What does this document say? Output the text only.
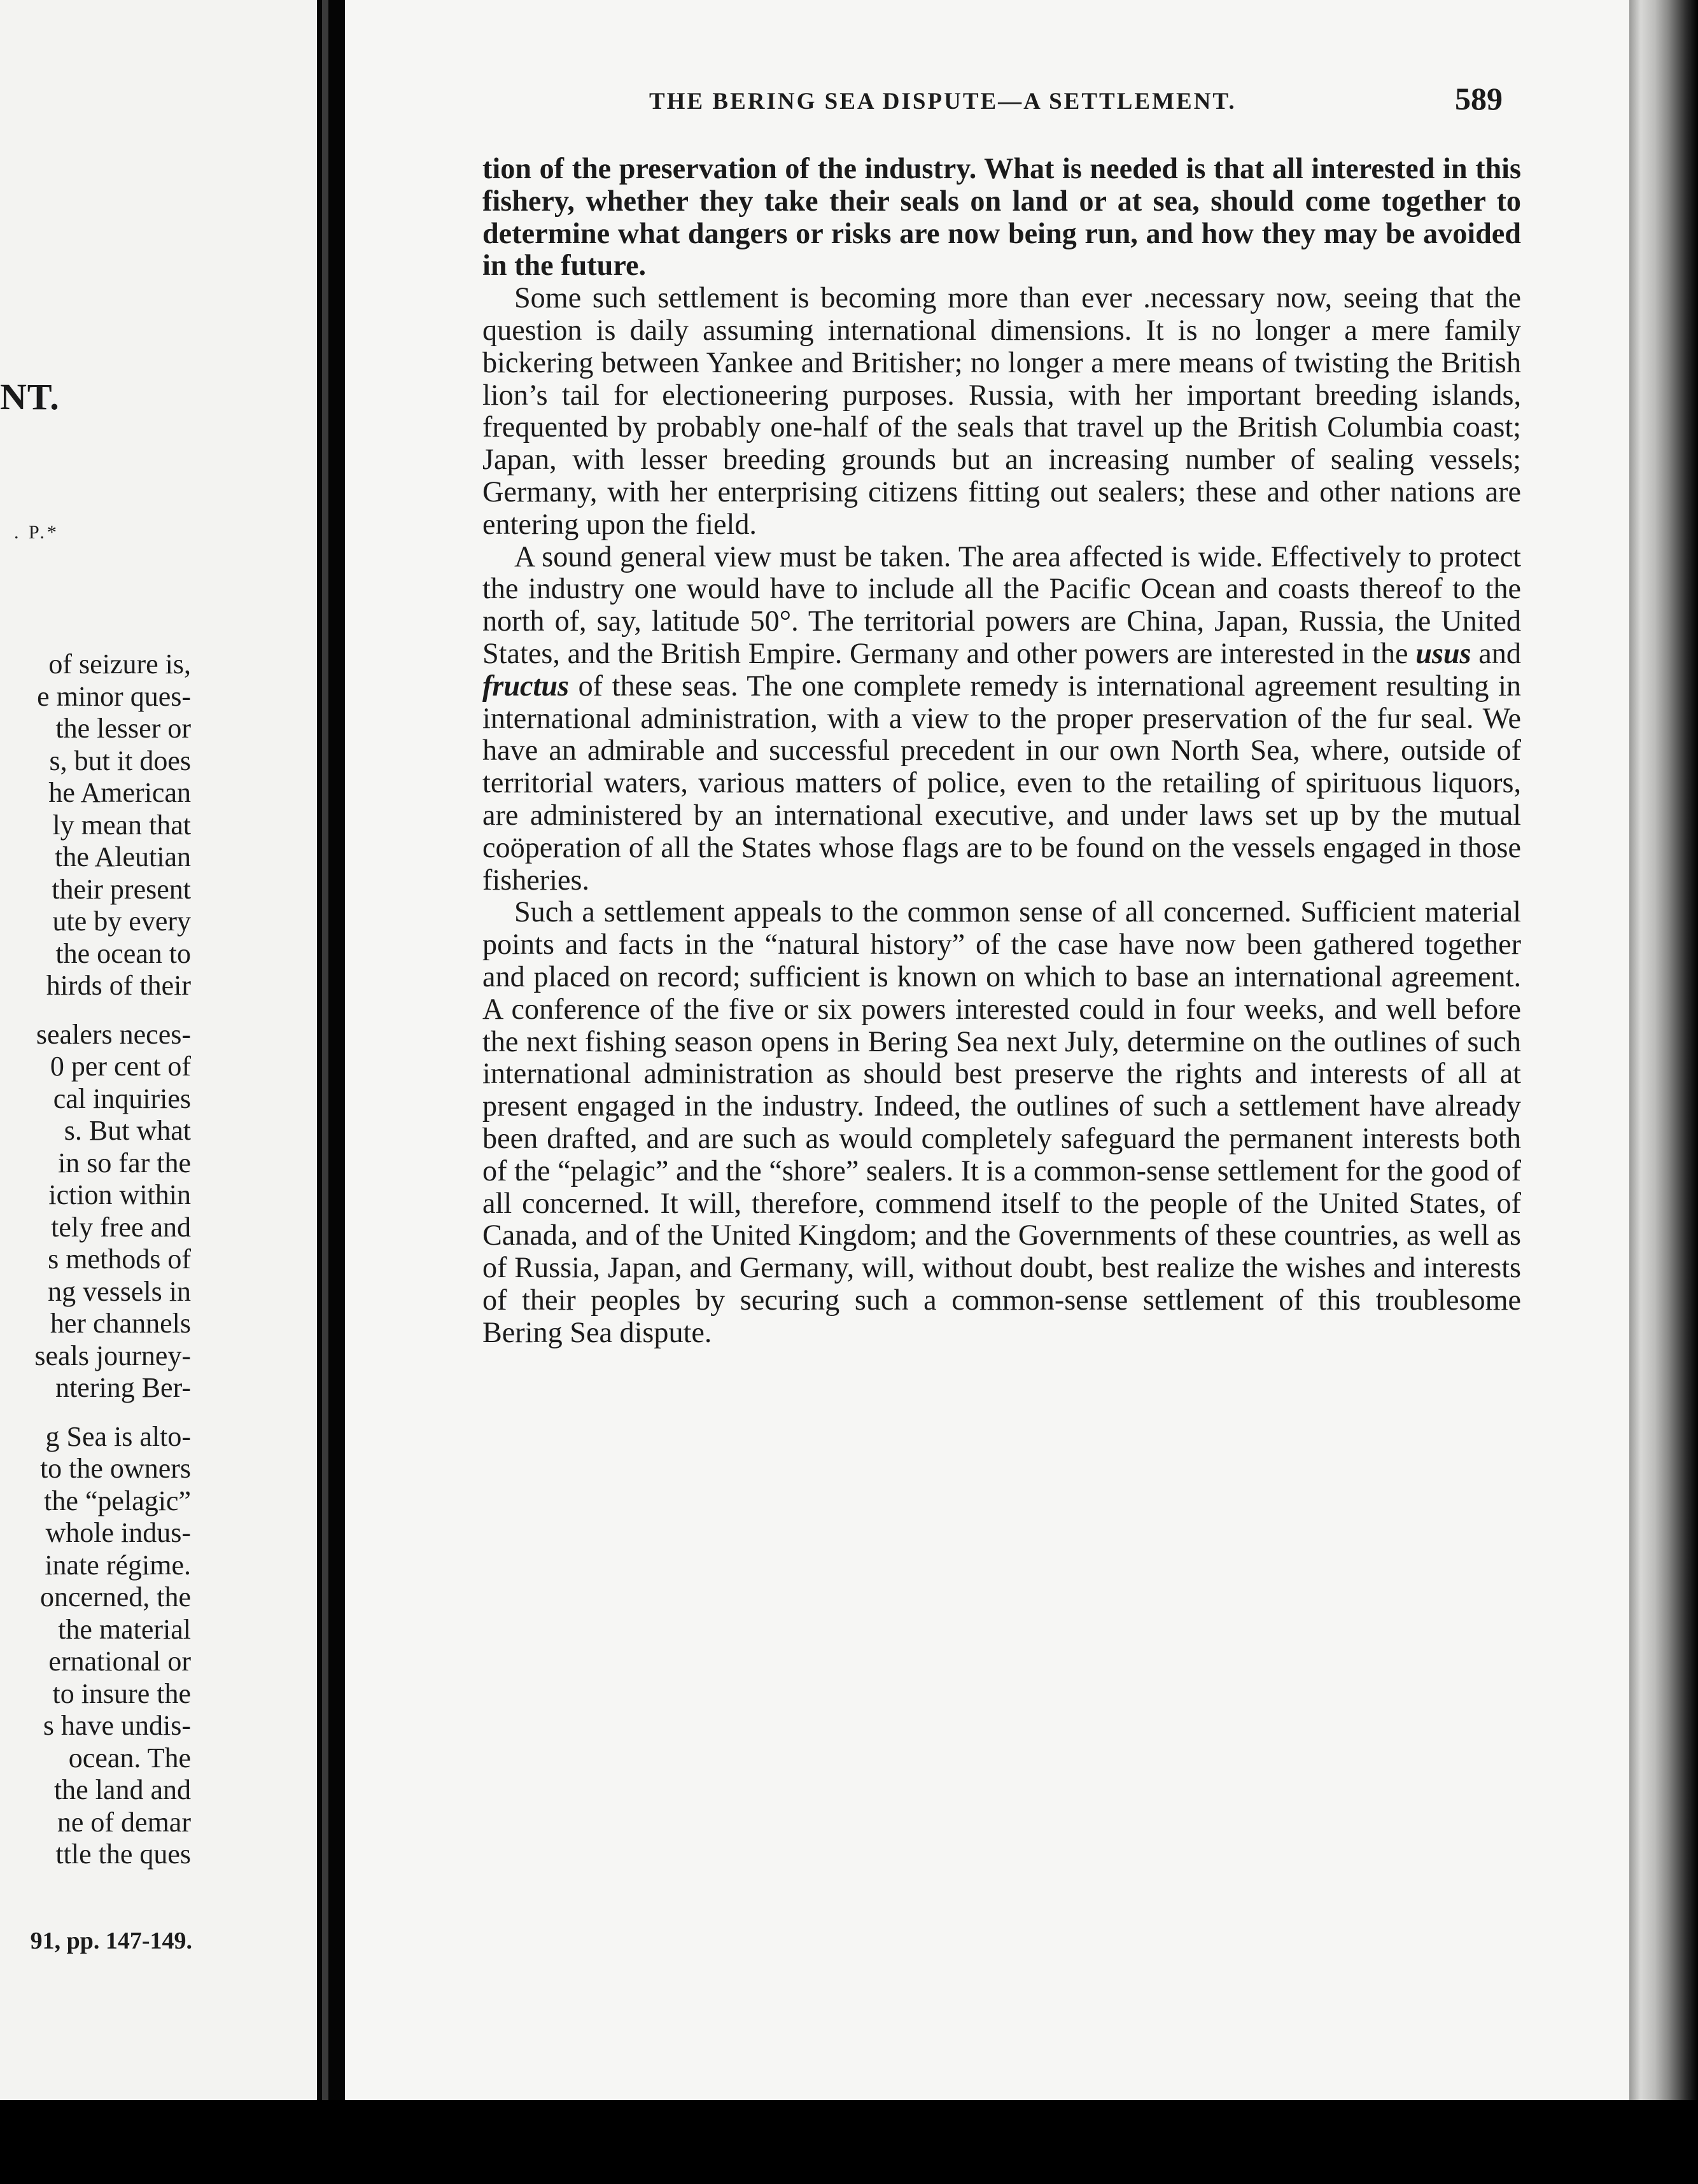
NT.
. P.*
of seizure is,
e minor ques-
the lesser or
s, but it does
he American
ly mean that
the Aleutian
their present
ute by every
the ocean to
hirds of their
sealers neces-
0 per cent of
cal inquiries
s. But what
in so far the
iction within
tely free and
s methods of
ng vessels in
her channels
seals journey-
ntering Ber-
g Sea is alto-
to the owners
the “pelagic”
whole indus-
inate régime.
oncerned, the
the material
ernational or
to insure the
s have undis-
ocean. The
the land and
ne of demar
ttle the ques
91, pp. 147-149.
THE BERING SEA DISPUTE—A SETTLEMENT.	589

tion of the preservation of the industry. What is needed is that all interested in this fishery, whether they take their seals on land or at sea, should come together to determine what dangers or risks are now being run, and how they may be avoided in the future.

Some such settlement is becoming more than ever .necessary now, seeing that the question is daily assuming international dimensions. It is no longer a mere family bickering between Yankee and Britisher; no longer a mere means of twisting the British lion’s tail for electioneering purposes. Russia, with her important breeding islands, frequented by probably one-half of the seals that travel up the British Columbia coast; Japan, with lesser breeding grounds but an increasing number of sealing vessels; Germany, with her enterprising citizens fitting out sealers; these and other nations are entering upon the field.

A sound general view must be taken. The area affected is wide. Effectively to protect the industry one would have to include all the Pacific Ocean and coasts thereof to the north of, say, latitude 50°. The territorial powers are China, Japan, Russia, the United States, and the British Empire. Germany and other powers are interested in the usus and fructus of these seas. The one complete remedy is international agreement resulting in international administration, with a view to the proper preservation of the fur seal. We have an admirable and successful precedent in our own North Sea, where, outside of territorial waters, various matters of police, even to the retailing of spirituous liquors, are administered by an international executive, and under laws set up by the mutual coöperation of all the States whose flags are to be found on the vessels engaged in those fisheries.

Such a settlement appeals to the common sense of all concerned. Sufficient material points and facts in the “natural history” of the case have now been gathered together and placed on record; sufficient is known on which to base an international agreement. A conference of the five or six powers interested could in four weeks, and well before the next fishing season opens in Bering Sea next July, determine on the outlines of such international administration as should best preserve the rights and interests of all at present engaged in the industry. Indeed, the outlines of such a settlement have already been drafted, and are such as would completely safeguard the permanent interests both of the “pelagic” and the “shore” sealers. It is a common-sense settlement for the good of all concerned. It will, therefore, commend itself to the people of the United States, of Canada, and of the United Kingdom; and the Governments of these countries, as well as of Russia, Japan, and Germany, will, without doubt, best realize the wishes and interests of their peoples by securing such a common-sense settlement of this troublesome Bering Sea dispute.
